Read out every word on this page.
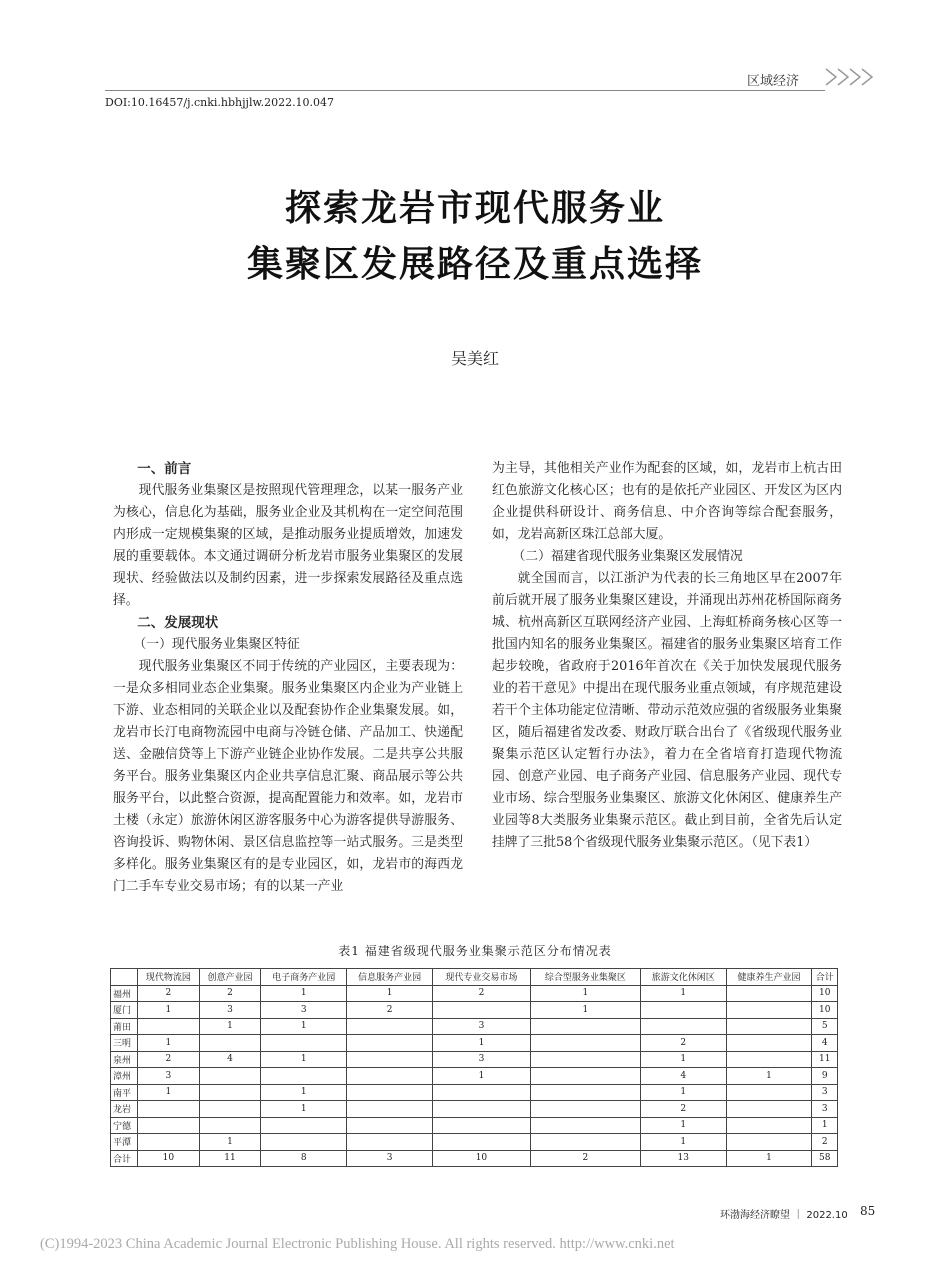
区域经济
DOI:10.16457/j.cnki.hbhjjlw.2022.10.047
探索龙岩市现代服务业
集聚区发展路径及重点选择
吴美红
一、前言

现代服务业集聚区是按照现代管理理念，以某一服务产业为核心，信息化为基础，服务业企业及其机构在一定空间范围内形成一定规模集聚的区域，是推动服务业提质增效，加速发展的重要载体。本文通过调研分析龙岩市服务业集聚区的发展现状、经验做法以及制约因素，进一步探索发展路径及重点选择。

二、发展现状
（一）现代服务业集聚区特征

现代服务业集聚区不同于传统的产业园区，主要表现为：一是众多相同业态企业集聚。服务业集聚区内企业为产业链上下游、业态相同的关联企业以及配套协作企业集聚发展。如，龙岩市长汀电商物流园中电商与冷链仓储、产品加工、快递配送、金融信贷等上下游产业链企业协作发展。二是共享公共服务平台。服务业集聚区内企业共享信息汇聚、商品展示等公共服务平台，以此整合资源，提高配置能力和效率。如，龙岩市土楼（永定）旅游休闲区游客服务中心为游客提供导游服务、咨询投诉、购物休闲、景区信息监控等一站式服务。三是类型多样化。服务业集聚区有的是专业园区，如，龙岩市的海西龙门二手车专业交易市场；有的以某一产业

为主导，其他相关产业作为配套的区域，如，龙岩市上杭古田红色旅游文化核心区；也有的是依托产业园区、开发区为区内企业提供科研设计、商务信息、中介咨询等综合配套服务，如，龙岩高新区珠江总部大厦。

（二）福建省现代服务业集聚区发展情况

就全国而言，以江浙沪为代表的长三角地区早在2007年前后就开展了服务业集聚区建设，并涌现出苏州花桥国际商务城、杭州高新区互联网经济产业园、上海虹桥商务核心区等一批国内知名的服务业集聚区。福建省的服务业集聚区培育工作起步较晚，省政府于2016年首次在《关于加快发展现代服务业的若干意见》中提出在现代服务业重点领域，有序规范建设若干个主体功能定位清晰、带动示范效应强的省级服务业集聚区，随后福建省发改委、财政厅联合出台了《省级现代服务业聚集示范区认定暂行办法》，着力在全省培育打造现代物流园、创意产业园、电子商务产业园、信息服务产业园、现代专业市场、综合型服务业集聚区、旅游文化休闲区、健康养生产业园等8大类服务业集聚示范区。截止到目前，全省先后认定挂牌了三批58个省级现代服务业集聚示范区。（见下表1）

表1 福建省级现代服务业集聚示范区分布情况表
	现代物流园	创意产业园	电子商务产业园	信息服务产业园	现代专业交易市场	综合型服务业集聚区	旅游文化休闲区	健康养生产业园	合计
福州	2	2	1	1	2	1	1		10
厦门	1	3	3	2		1			10
莆田		1	1		3				5
三明	1				1		2		4
泉州	2	4	1		3		1		11
漳州	3				1		4	1	9
南平	1		1				1		3
龙岩			1				2		3
宁德							1		1
平潭		1					1		2
合计	10	11	8	3	10	2	13	1	58
环渤海经济瞭望 ｜ 2022.10 85
(C)1994-2023 China Academic Journal Electronic Publishing House. All rights reserved. http://www.cnki.net
